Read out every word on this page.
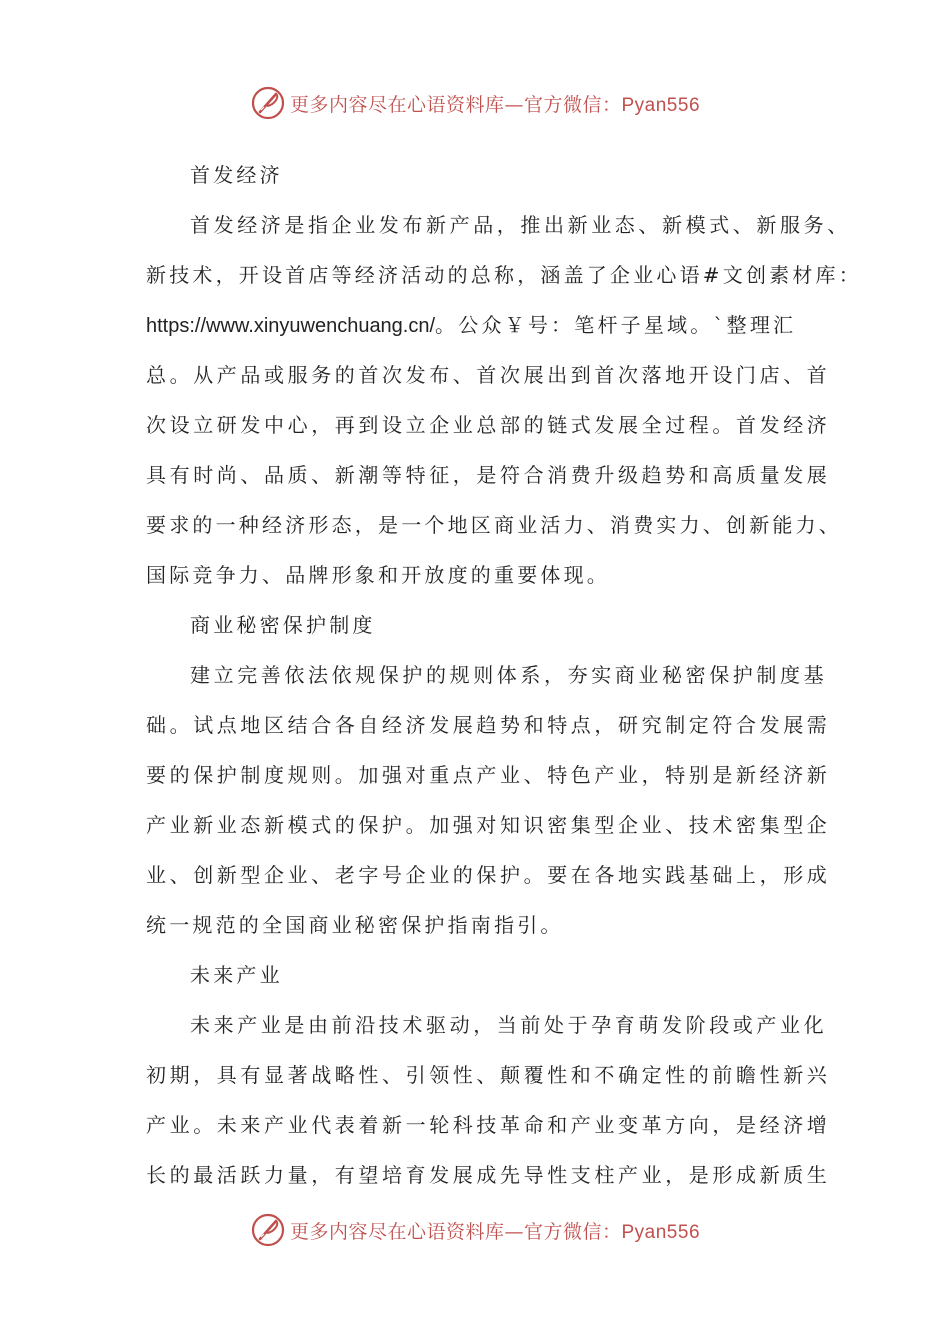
更多内容尽在心语资料库—官方微信：Pyan556
首发经济
首发经济是指企业发布新产品，推出新业态、新模式、新服务、
新技术，开设首店等经济活动的总称，涵盖了企业心语#文创素材库：
https://www.xinyuwenchuang.cn/。公众￥号：笔杆子星域。`整理汇
总。从产品或服务的首次发布、首次展出到首次落地开设门店、首
次设立研发中心，再到设立企业总部的链式发展全过程。首发经济
具有时尚、品质、新潮等特征，是符合消费升级趋势和高质量发展
要求的一种经济形态，是一个地区商业活力、消费实力、创新能力、
国际竞争力、品牌形象和开放度的重要体现。
商业秘密保护制度
建立完善依法依规保护的规则体系，夯实商业秘密保护制度基
础。试点地区结合各自经济发展趋势和特点，研究制定符合发展需
要的保护制度规则。加强对重点产业、特色产业，特别是新经济新
产业新业态新模式的保护。加强对知识密集型企业、技术密集型企
业、创新型企业、老字号企业的保护。要在各地实践基础上，形成
统一规范的全国商业秘密保护指南指引。
未来产业
未来产业是由前沿技术驱动，当前处于孕育萌发阶段或产业化
初期，具有显著战略性、引领性、颠覆性和不确定性的前瞻性新兴
产业。未来产业代表着新一轮科技革命和产业变革方向，是经济增
长的最活跃力量，有望培育发展成先导性支柱产业，是形成新质生
更多内容尽在心语资料库—官方微信：Pyan556
